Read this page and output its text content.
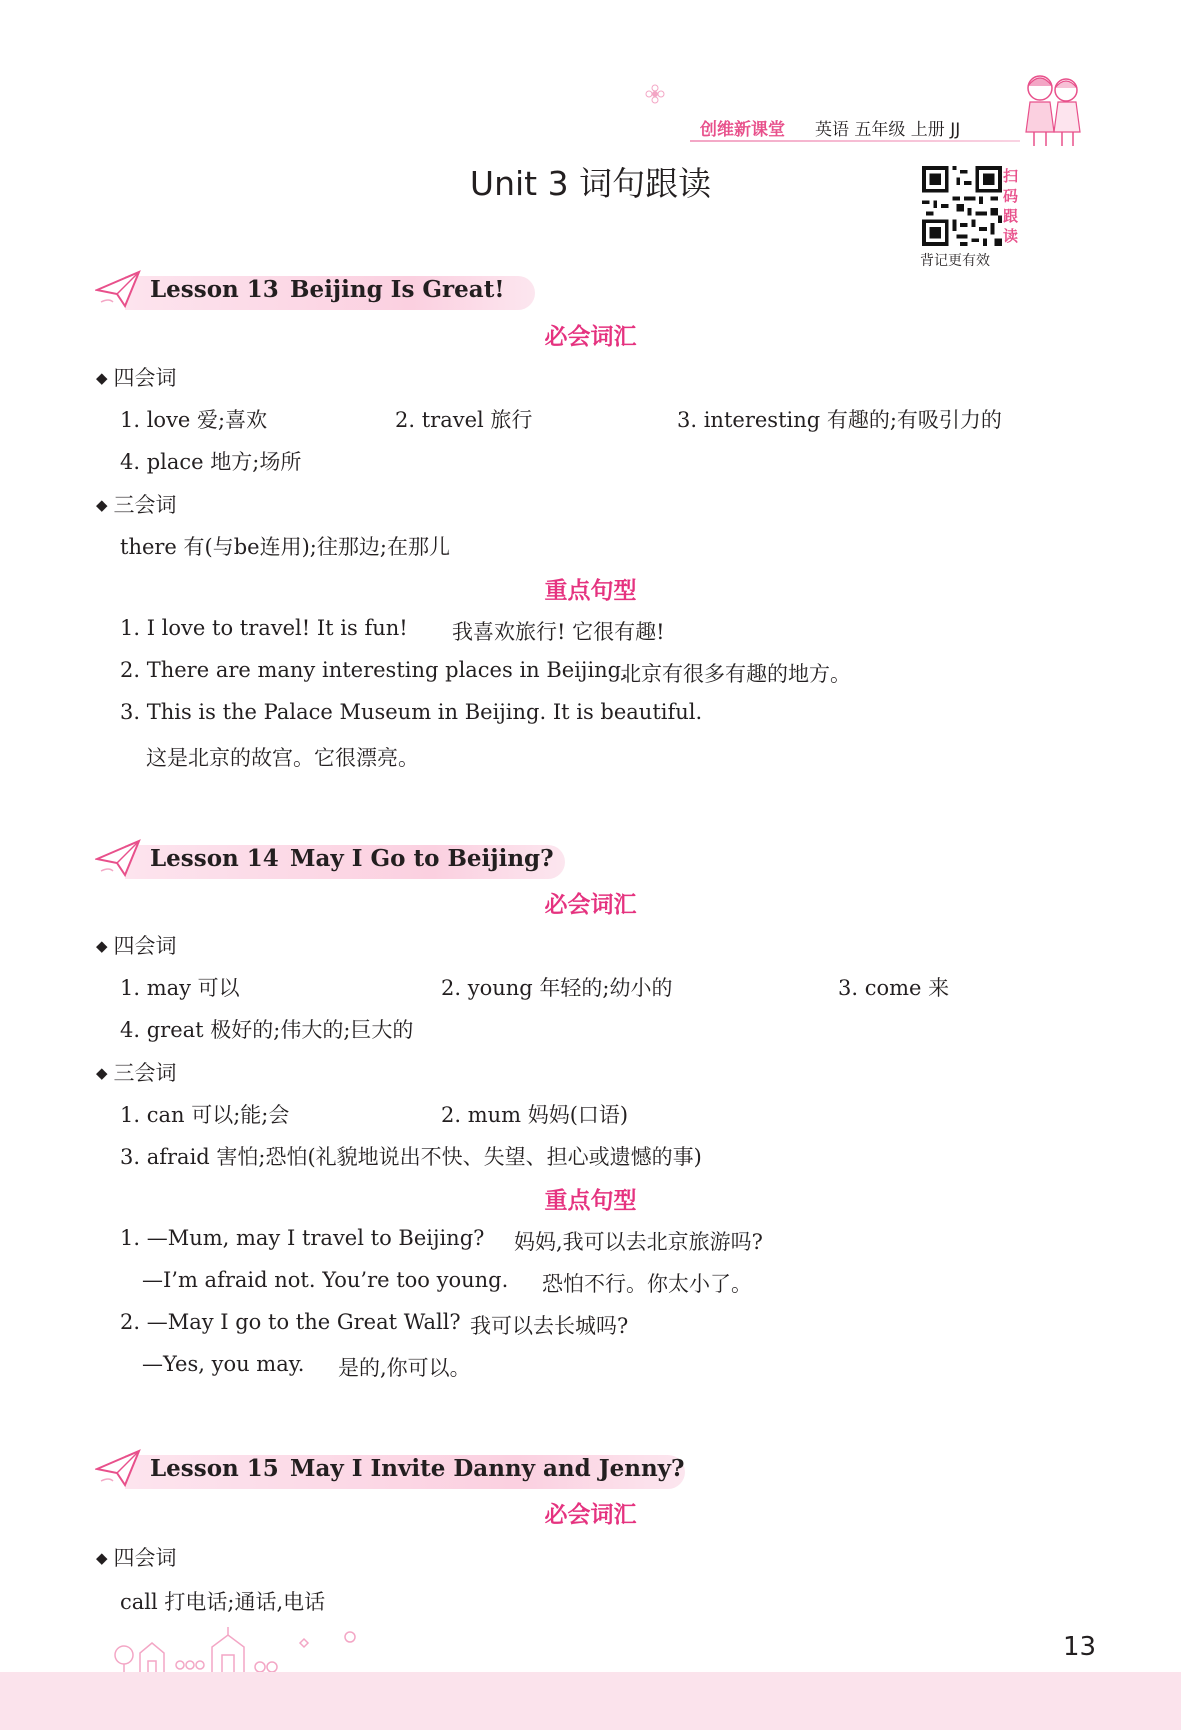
创维新课堂 英语 五年级 上册 JJ
Unit 3 词句跟读	扫
码
跟
读
背记更有效
Lesson 13 Beijing Is Great!
必会词汇
◆ 四会词
1. love 爱;喜欢	2. travel 旅行	3. interesting 有趣的;有吸引力的
4. place 地方;场所
◆ 三会词
there 有(与be连用);往那边;在那儿
重点句型
1. I love to travel! It is fun! 我喜欢旅行! 它很有趣!
2. There are many interesting places in Beijing.
北京有很多有趣的地方。
3. This is the Palace Museum in Beijing. It is beautiful.
这是北京的故宫。它很漂亮。
Lesson 14 May I Go to Beijing?
必会词汇
◆ 四会词
1. may 可以	2. young 年轻的;幼小的	3. come 来
4. great 极好的;伟大的;巨大的
◆ 三会词
1. can 可以;能;会	2. mum 妈妈(口语)
3. afraid 害怕;恐怕(礼貌地说出不快、失望、担心或遗憾的事)
重点句型
1. —Mum, may I travel to Beijing? 妈妈,我可以去北京旅游吗?
—I’m afraid not. You’re too young. 恐怕不行。你太小了。
2. —May I go to the Great Wall? 我可以去长城吗?
—Yes, you may. 是的,你可以。
Lesson 15 May I Invite Danny and Jenny?
必会词汇
◆ 四会词
call 打电话;通话,电话
13
